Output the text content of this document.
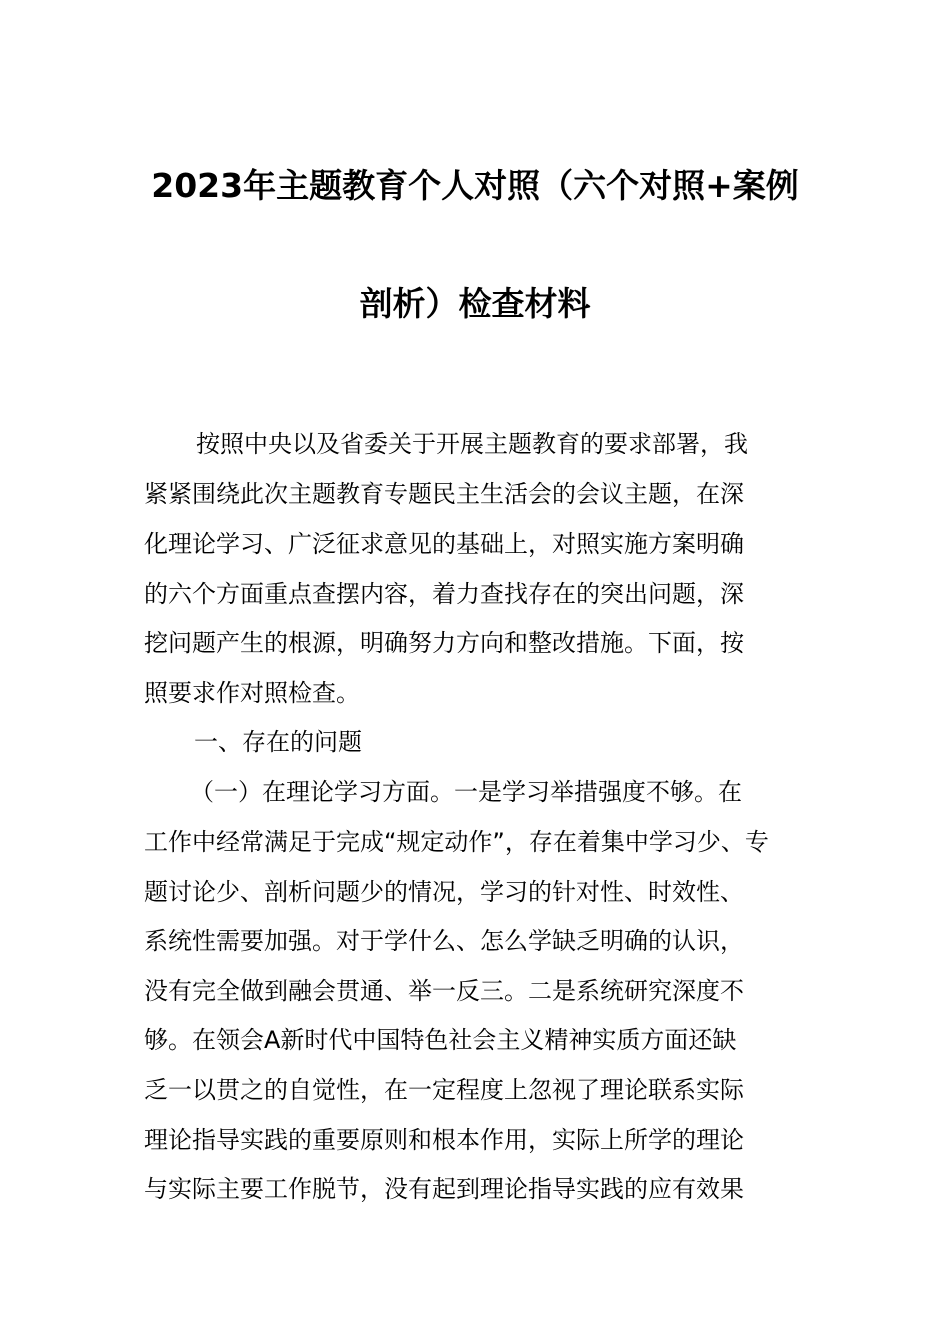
2023年主题教育个人对照（六个对照+案例
剖析）检查材料
按照中央以及省委关于开展主题教育的要求部署，我
紧紧围绕此次主题教育专题民主生活会的会议主题，在深
化理论学习、广泛征求意见的基础上，对照实施方案明确
的六个方面重点查摆内容，着力查找存在的突出问题，深
挖问题产生的根源，明确努力方向和整改措施。下面，按
照要求作对照检查。
一、存在的问题
（一）在理论学习方面。一是学习举措强度不够。在
工作中经常满足于完成“规定动作”，存在着集中学习少、专
题讨论少、剖析问题少的情况，学习的针对性、时效性、
系统性需要加强。对于学什么、怎么学缺乏明确的认识，
没有完全做到融会贯通、举一反三。二是系统研究深度不
够。在领会A新时代中国特色社会主义精神实质方面还缺
乏一以贯之的自觉性，在一定程度上忽视了理论联系实际
理论指导实践的重要原则和根本作用，实际上所学的理论
与实际主要工作脱节，没有起到理论指导实践的应有效果
